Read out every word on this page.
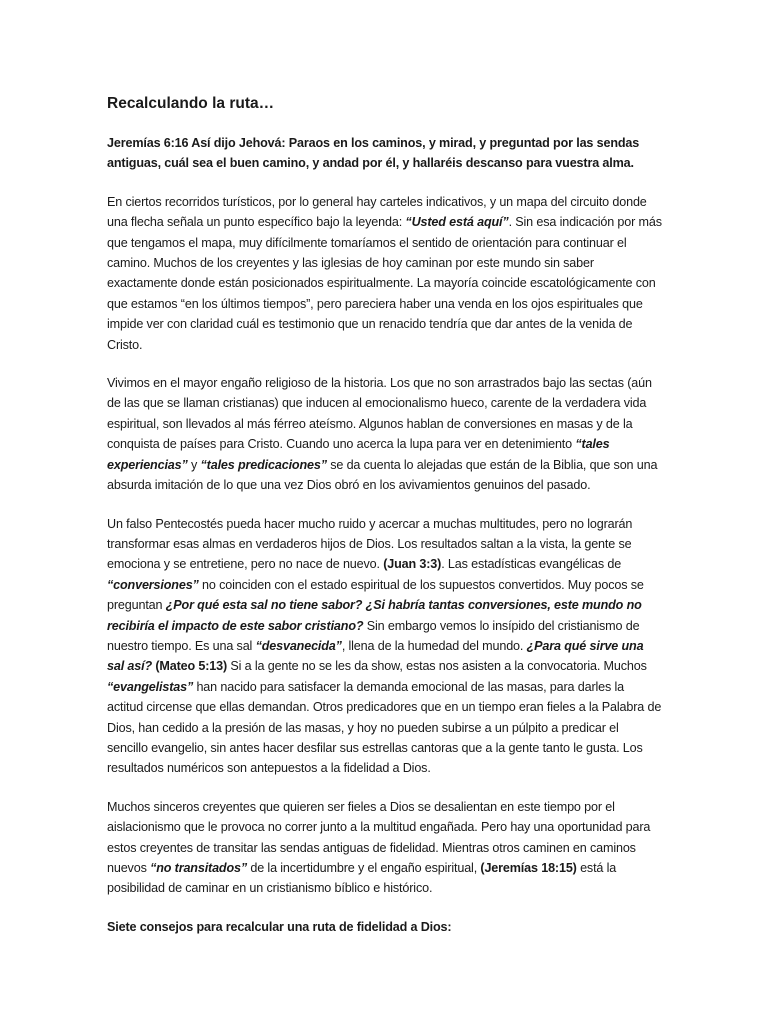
Recalculando la ruta…

Jeremías 6:16 Así dijo Jehová: Paraos en los caminos, y mirad, y preguntad por las sendas antiguas, cuál sea el buen camino, y andad por él, y hallaréis descanso para vuestra alma.

En ciertos recorridos turísticos, por lo general hay carteles indicativos, y un mapa del circuito donde una flecha señala un punto específico bajo la leyenda: “Usted está aquí”. Sin esa indicación por más que tengamos el mapa, muy difícilmente tomaríamos el sentido de orientación para continuar el camino. Muchos de los creyentes y las iglesias de hoy caminan por este mundo sin saber exactamente donde están posicionados espiritualmente. La mayoría coincide escatológicamente con que estamos “en los últimos tiempos”, pero pareciera haber una venda en los ojos espirituales que impide ver con claridad cuál es testimonio que un renacido tendría que dar antes de la venida de Cristo.

Vivimos en el mayor engaño religioso de la historia. Los que no son arrastrados bajo las sectas (aún de las que se llaman cristianas) que inducen al emocionalismo hueco, carente de la verdadera vida espiritual, son llevados al más férreo ateísmo. Algunos hablan de conversiones en masas y de la conquista de países para Cristo. Cuando uno acerca la lupa para ver en detenimiento “tales experiencias” y “tales predicaciones” se da cuenta lo alejadas que están de la Biblia, que son una absurda imitación de lo que una vez Dios obró en los avivamientos genuinos del pasado.

Un falso Pentecostés pueda hacer mucho ruido y acercar a muchas multitudes, pero no lograrán transformar esas almas en verdaderos hijos de Dios. Los resultados saltan a la vista, la gente se emociona y se entretiene, pero no nace de nuevo. (Juan 3:3). Las estadísticas evangélicas de “conversiones” no coinciden con el estado espiritual de los supuestos convertidos. Muy pocos se preguntan ¿Por qué esta sal no tiene sabor? ¿Si habría tantas conversiones, este mundo no recibiría el impacto de este sabor cristiano? Sin embargo vemos lo insípido del cristianismo de nuestro tiempo. Es una sal “desvanecida”, llena de la humedad del mundo. ¿Para qué sirve una sal así? (Mateo 5:13) Si a la gente no se les da show, estas nos asisten a la convocatoria. Muchos “evangelistas” han nacido para satisfacer la demanda emocional de las masas, para darles la actitud circense que ellas demandan. Otros predicadores que en un tiempo eran fieles a la Palabra de Dios, han cedido a la presión de las masas, y hoy no pueden subirse a un púlpito a predicar el sencillo evangelio, sin antes hacer desfilar sus estrellas cantoras que a la gente tanto le gusta. Los resultados numéricos son antepuestos a la fidelidad a Dios.

Muchos sinceros creyentes que quieren ser fieles a Dios se desalientan en este tiempo por el aislacionismo que le provoca no correr junto a la multitud engañada. Pero hay una oportunidad para estos creyentes de transitar las sendas antiguas de fidelidad. Mientras otros caminen en caminos nuevos “no transitados” de la incertidumbre y el engaño espiritual, (Jeremías 18:15) está la posibilidad de caminar en un cristianismo bíblico e histórico.

Siete consejos para recalcular una ruta de fidelidad a Dios:
